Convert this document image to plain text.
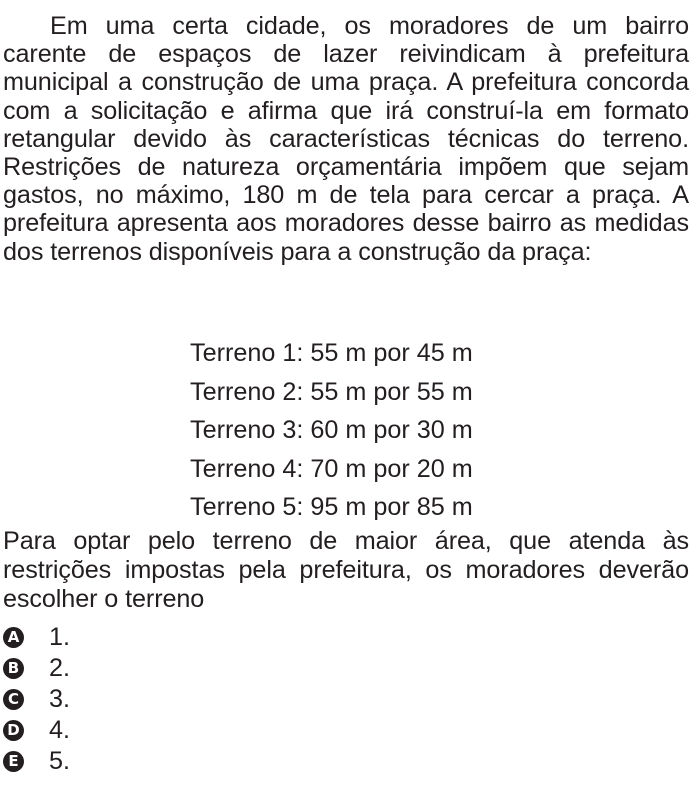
Em uma certa cidade, os moradores de um bairro carente de espaços de lazer reivindicam à prefeitura municipal a construção de uma praça. A prefeitura concorda com a solicitação e afirma que irá construí-la em formato retangular devido às características técnicas do terreno. Restrições de natureza orçamentária impõem que sejam gastos, no máximo, 180 m de tela para cercar a praça. A prefeitura apresenta aos moradores desse bairro as medidas dos terrenos disponíveis para a construção da praça:

Terreno 1: 55 m por 45 m
Terreno 2: 55 m por 55 m
Terreno 3: 60 m por 30 m
Terreno 4: 70 m por 20 m
Terreno 5: 95 m por 85 m

Para optar pelo terreno de maior área, que atenda às restrições impostas pela prefeitura, os moradores deverão escolher o terreno

A 1.
B 2.
C 3.
D 4.
E 5.
